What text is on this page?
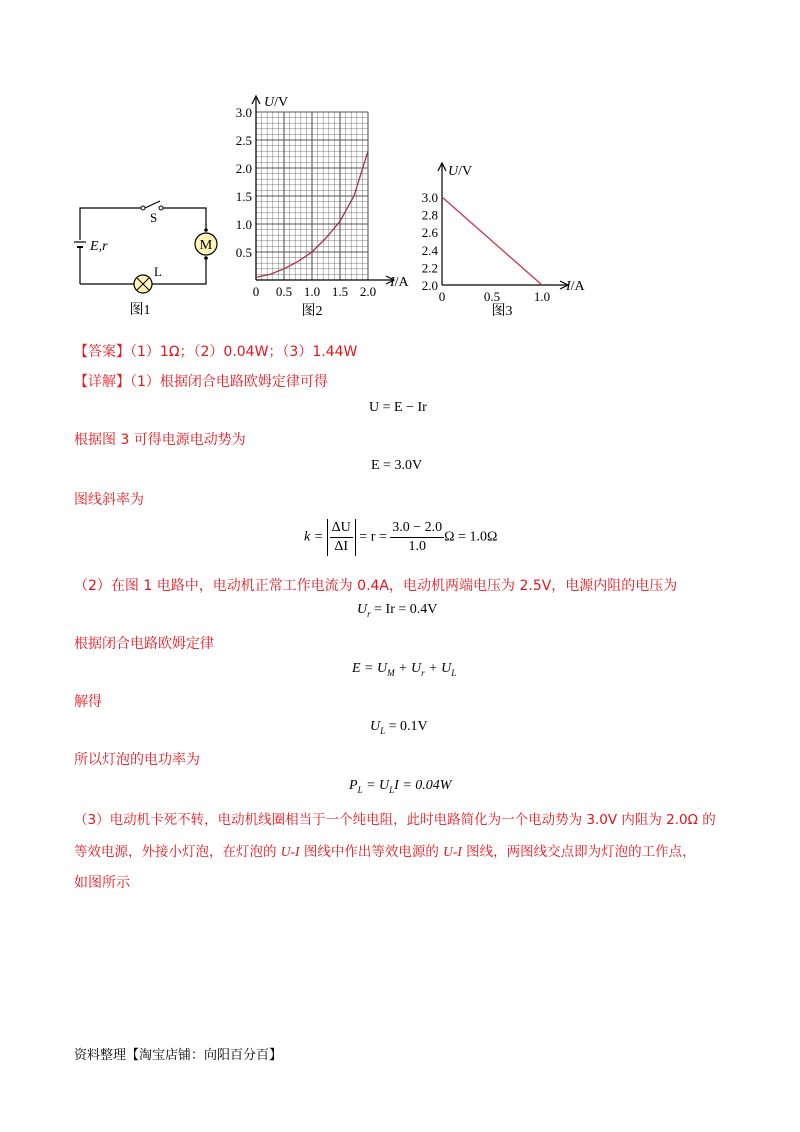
M
L
S
E,r
图1
U/V
I/A
3.0
2.5
2.0
1.5
1.0
0.5
0 0.5 1.0 1.5 2.0
图2
U/V
I/A
3.0
2.8
2.6
2.4
2.2
2.0
0	0.5	1.0
图3
【答案】（1）1Ω；（2）0.04W；（3）1.44W
【详解】（1）根据闭合电路欧姆定律可得
U = E − Ir
根据图 3 可得电源电动势为
E = 3.0V
图线斜率为
$k = \frac{\Delta U}{\Delta I} = r = \frac{3.0 - 2.0}{1.0}$ Ω = 1.0Ω
（2）在图 1 电路中，电动机正常工作电流为 0.4A，电动机两端电压为 2.5V，电源内阻的电压为
$U_r = Ir = 0.4V$
根据闭合电路欧姆定律
$E = U_M + U_r + U_L$
解得
$U_L = 0.1V$
所以灯泡的电功率为
$P_L = U_LI = 0.04W$
（3）电动机卡死不转，电动机线圈相当于一个纯电阻，此时电路简化为一个电动势为 3.0V 内阻为 2.0Ω 的
等效电源，外接小灯泡，在灯泡的 U-I 图线中作出等效电源的 U-I 图线，两图线交点即为灯泡的工作点，
如图所示
资料整理【淘宝店铺：向阳百分百】
